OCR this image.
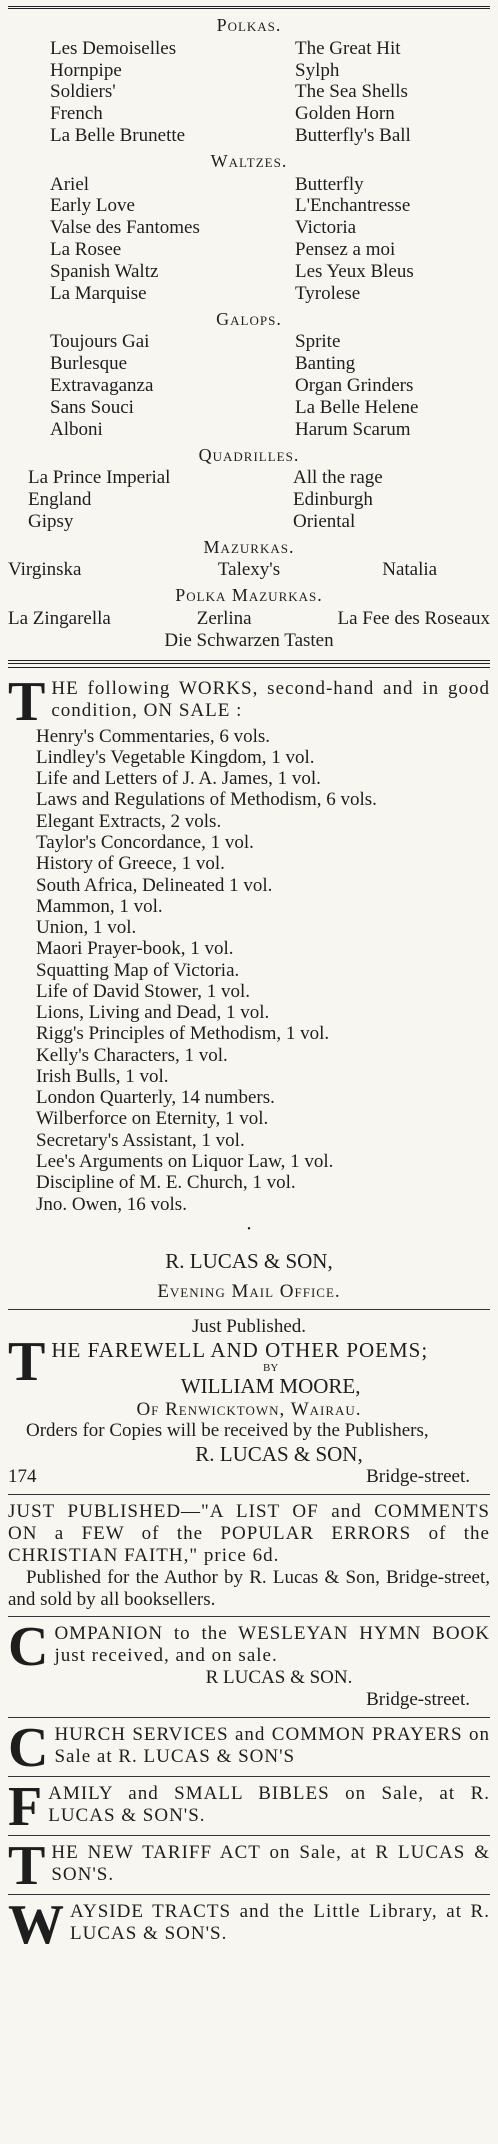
Polkas.
Les Demoiselles	The Great Hit
Hornpipe	Sylph
Soldiers'	The Sea Shells
French	Golden Horn
La Belle Brunette	Butterfly's Ball
Waltzes.
Ariel	Butterfly
Early Love	L'Enchantresse
Valse des Fantomes	Victoria
La Rosee	Pensez a moi
Spanish Waltz	Les Yeux Bleus
La Marquise	Tyrolese
Galops.
Toujours Gai	Sprite
Burlesque	Banting
Extravaganza	Organ Grinders
Sans Souci	La Belle Helene
Alboni	Harum Scarum
Quadrilles.
La Prince Imperial	All the rage
England	Edinburgh
Gipsy	Oriental
Mazurkas.
Virginska	Talexy's	Natalia
Polka Mazurkas.
La Zingarella	Zerlina	La Fee des Roseaux
Die Schwarzen Tasten
T HE following WORKS, second-hand and in good condition, ON SALE :

Henry's Commentaries, 6 vols.
Lindley's Vegetable Kingdom, 1 vol.
Life and Letters of J. A. James, 1 vol.
Laws and Regulations of Methodism, 6 vols.
Elegant Extracts, 2 vols.
Taylor's Concordance, 1 vol.
History of Greece, 1 vol.
South Africa, Delineated 1 vol.
Mammon, 1 vol.
Union, 1 vol.
Maori Prayer-book, 1 vol.
Squatting Map of Victoria.
Life of David Stower, 1 vol.
Lions, Living and Dead, 1 vol.
Rigg's Principles of Methodism, 1 vol.
Kelly's Characters, 1 vol.
Irish Bulls, 1 vol.
London Quarterly, 14 numbers.
Wilberforce on Eternity, 1 vol.
Secretary's Assistant, 1 vol.
Lee's Arguments on Liquor Law, 1 vol.
Discipline of M. E. Church, 1 vol.
Jno. Owen, 16 vols.
•
R. LUCAS & SON,
Evening Mail Office.
Just Published.
T HE FAREWELL AND OTHER POEMS;
BY
WILLIAM MOORE,
Of Renwicktown, Wairau.

Orders for Copies will be received by the Publishers,

R. LUCAS & SON,
174	Bridge-street.

JUST PUBLISHED—"A LIST OF and COMMENTS ON a FEW of the POPULAR ERRORS of the CHRISTIAN FAITH," price 6d.

Published for the Author by R. Lucas & Son, Bridge-street, and sold by all booksellers.

C OMPANION to the WESLEYAN HYMN BOOK just received, and on sale.

R LUCAS & SON.
Bridge-street.
C HURCH SERVICES and COMMON PRAYERS on Sale at R. LUCAS & SON'S

F AMILY and SMALL BIBLES on Sale, at R. LUCAS & SON'S.

T HE NEW TARIFF ACT on Sale, at R LUCAS & SON'S.

W AYSIDE TRACTS and the Little Library, at R. LUCAS & SON'S.
